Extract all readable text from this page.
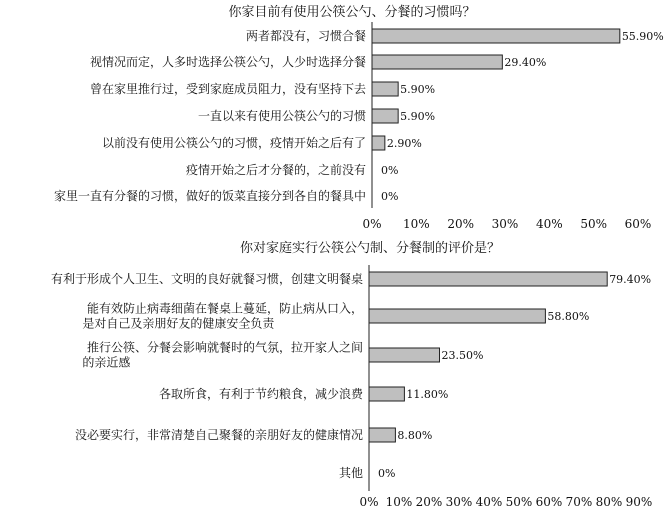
你家目前有使用公筷公勺、分餐的习惯吗？
55.90%
两者都没有，习惯合餐
29.40%
视情况而定，人多时选择公筷公勺，人少时选择分餐
5.90%
曾在家里推行过，受到家庭成员阻力，没有坚持下去
5.90%
一直以来有使用公筷公勺的习惯
2.90%
以前没有使用公筷公勺的习惯，疫情开始之后有了
0%
疫情开始之后才分餐的，之前没有
0%
家里一直有分餐的习惯，做好的饭菜直接分到各自的餐具中
0% 10% 20% 30% 40% 50% 60%
你对家庭实行公筷公勺制、分餐制的评价是？
79.40%
有利于形成个人卫生、文明的良好就餐习惯，创建文明餐桌
58.80%
能有效防止病毒细菌在餐桌上蔓延，防止病从口入，
是对自己及亲朋好友的健康安全负责
23.50%
推行公筷、分餐会影响就餐时的气氛，拉开家人之间
的亲近感
11.80%
各取所食，有利于节约粮食，减少浪费
8.80%
没必要实行，非常清楚自己聚餐的亲朋好友的健康情况
0%
其他
0% 10% 20% 30% 40% 50% 60% 70% 80% 90%
